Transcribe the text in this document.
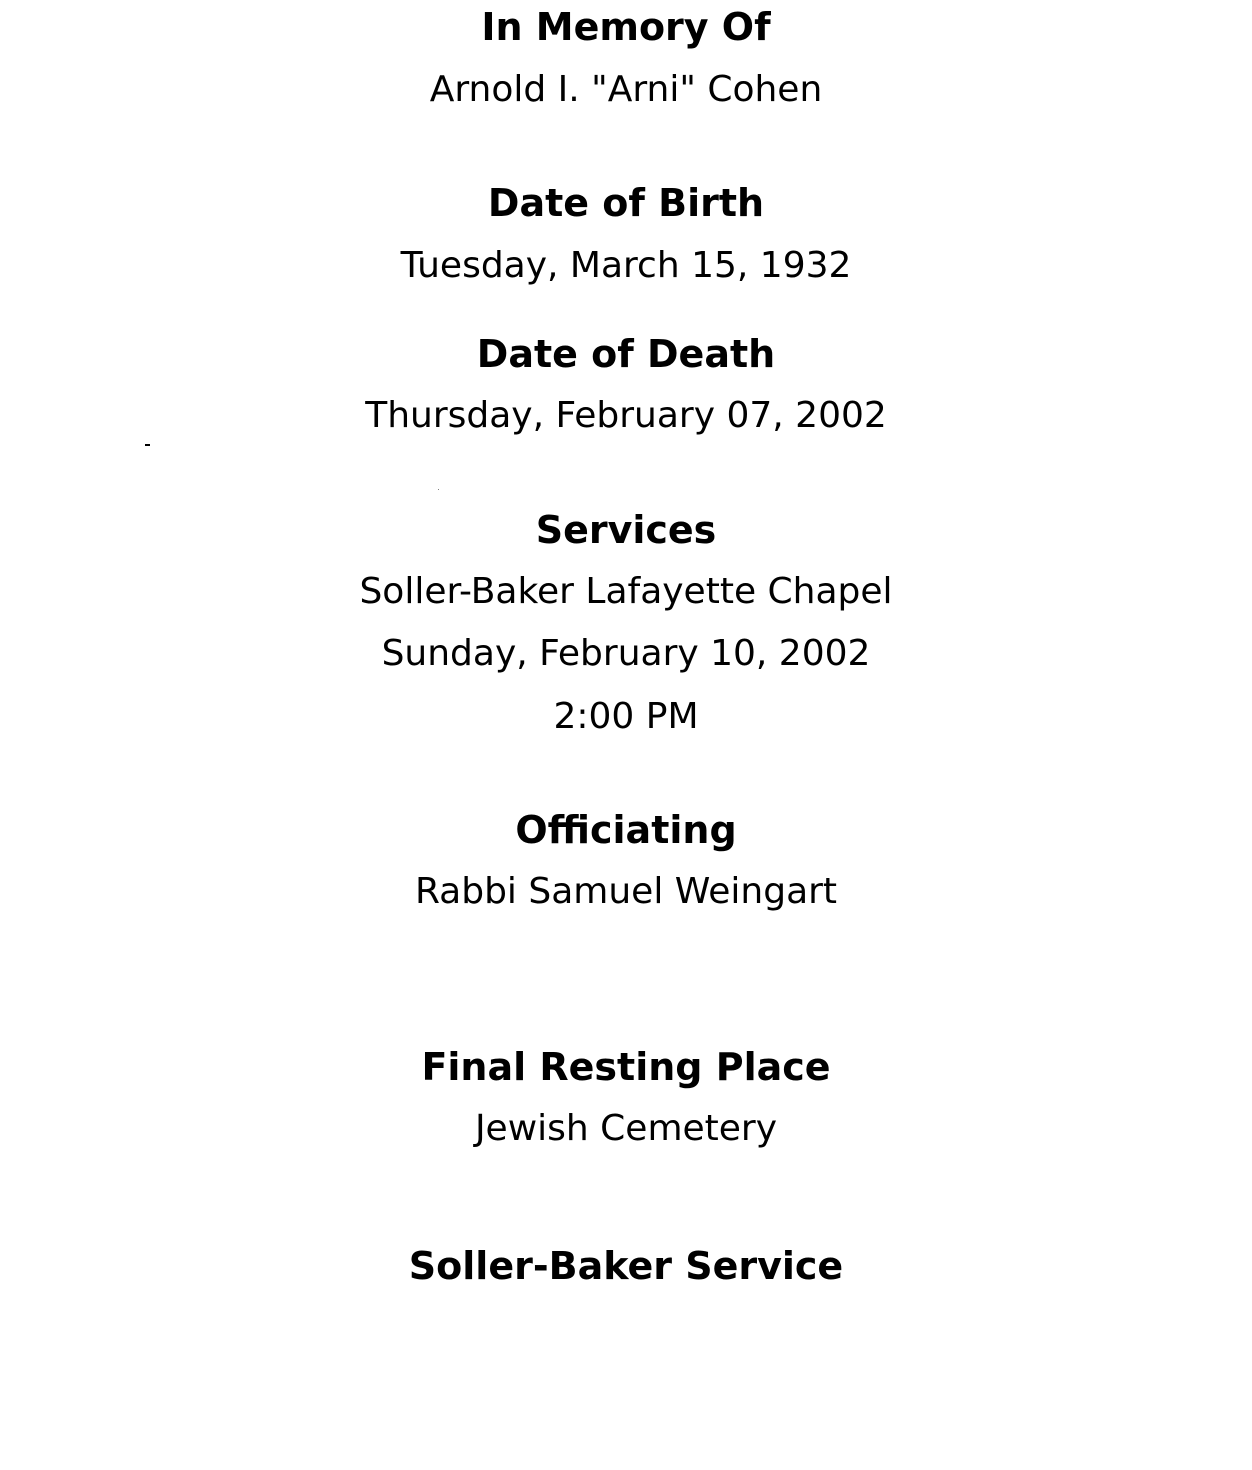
In Memory Of
Arnold I. "Arni" Cohen
Date of Birth
Tuesday, March 15, 1932
Date of Death
Thursday, February 07, 2002
Services
Soller-Baker Lafayette Chapel
Sunday, February 10, 2002
2:00 PM
Officiating
Rabbi Samuel Weingart
Final Resting Place
Jewish Cemetery
Soller-Baker Service
